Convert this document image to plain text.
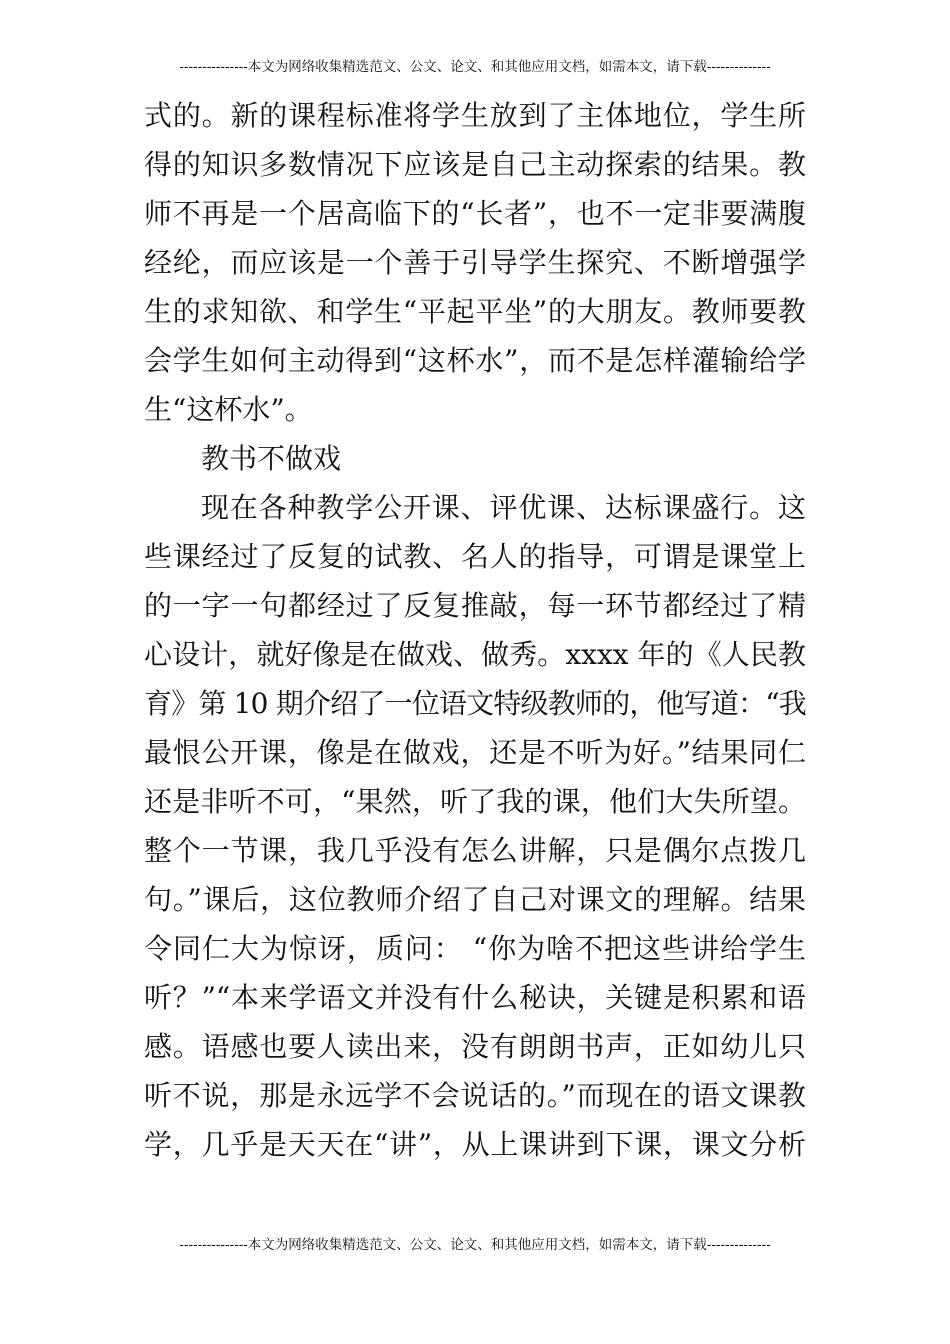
---------------本文为网络收集精选范文、公文、论文、和其他应用文档，如需本文，请下载--------------
式的。新的课程标准将学生放到了主体地位，学生所
得的知识多数情况下应该是自己主动探索的结果。教
师不再是一个居高临下的“长者”，也不一定非要满腹
经纶，而应该是一个善于引导学生探究、不断增强学
生的求知欲、和学生“平起平坐”的大朋友。教师要教
会学生如何主动得到“这杯水”，而不是怎样灌输给学
生“这杯水”。
教书不做戏
现在各种教学公开课、评优课、达标课盛行。这
些课经过了反复的试教、名人的指导，可谓是课堂上
的一字一句都经过了反复推敲，每一环节都经过了精
心设计，就好像是在做戏、做秀。xxxx 年的《人民教
育》第 10 期介绍了一位语文特级教师的，他写道：“我
最恨公开课，像是在做戏，还是不听为好。”结果同仁
还是非听不可，“果然，听了我的课，他们大失所望。
整个一节课，我几乎没有怎么讲解，只是偶尔点拨几
句。”课后，这位教师介绍了自己对课文的理解。结果
令同仁大为惊讶，质问： “你为啥不把这些讲给学生
听？”“本来学语文并没有什么秘诀，关键是积累和语
感。语感也要人读出来，没有朗朗书声，正如幼儿只
听不说，那是永远学不会说话的。”而现在的语文课教
学，几乎是天天在“讲”，从上课讲到下课，课文分析
---------------本文为网络收集精选范文、公文、论文、和其他应用文档，如需本文，请下载--------------
